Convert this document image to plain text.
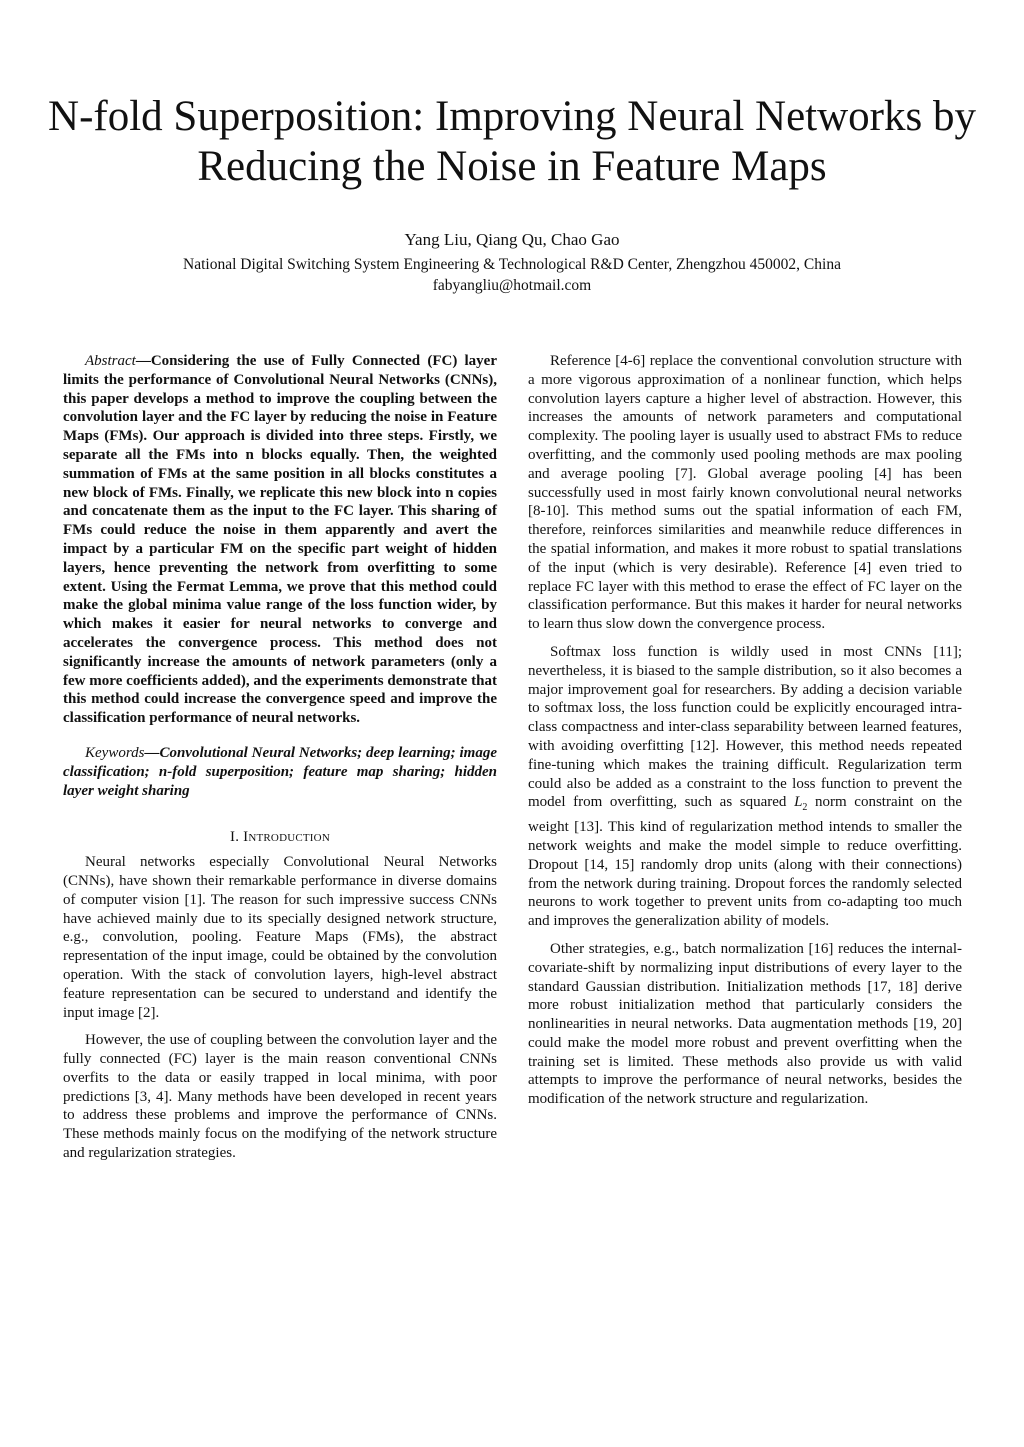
N-fold Superposition: Improving Neural Networks by
Reducing the Noise in Feature Maps
Yang Liu, Qiang Qu, Chao Gao
National Digital Switching System Engineering & Technological R&D Center, Zhengzhou 450002, China
fabyangliu@hotmail.com

Abstract—Considering the use of Fully Connected (FC) layer limits the performance of Convolutional Neural Networks (CNNs), this paper develops a method to improve the coupling between the convolution layer and the FC layer by reducing the noise in Feature Maps (FMs). Our approach is divided into three steps. Firstly, we separate all the FMs into n blocks equally. Then, the weighted summation of FMs at the same position in all blocks constitutes a new block of FMs. Finally, we replicate this new block into n copies and concatenate them as the input to the FC layer. This sharing of FMs could reduce the noise in them apparently and avert the impact by a particular FM on the specific part weight of hidden layers, hence preventing the network from overfitting to some extent. Using the Fermat Lemma, we prove that this method could make the global minima value range of the loss function wider, by which makes it easier for neural networks to converge and accelerates the convergence process. This method does not significantly increase the amounts of network parameters (only a few more coefficients added), and the experiments demonstrate that this method could increase the convergence speed and improve the classification performance of neural networks.

Keywords—Convolutional Neural Networks; deep learning; image classification; n-fold superposition; feature map sharing; hidden layer weight sharing

I. Introduction

Neural networks especially Convolutional Neural Networks (CNNs), have shown their remarkable performance in diverse domains of computer vision [1]. The reason for such impressive success CNNs have achieved mainly due to its specially designed network structure, e.g., convolution, pooling. Feature Maps (FMs), the abstract representation of the input image, could be obtained by the convolution operation. With the stack of convolution layers, high-level abstract feature representation can be secured to understand and identify the input image [2].

However, the use of coupling between the convolution layer and the fully connected (FC) layer is the main reason conventional CNNs overfits to the data or easily trapped in local minima, with poor predictions [3, 4]. Many methods have been developed in recent years to address these problems and improve the performance of CNNs. These methods mainly focus on the modifying of the network structure and regularization strategies.

Reference [4-6] replace the conventional convolution structure with a more vigorous approximation of a nonlinear function, which helps convolution layers capture a higher level of abstraction. However, this increases the amounts of network parameters and computational complexity. The pooling layer is usually used to abstract FMs to reduce overfitting, and the commonly used pooling methods are max pooling and average pooling [7]. Global average pooling [4] has been successfully used in most fairly known convolutional neural networks [8-10]. This method sums out the spatial information of each FM, therefore, reinforces similarities and meanwhile reduce differences in the spatial information, and makes it more robust to spatial translations of the input (which is very desirable). Reference [4] even tried to replace FC layer with this method to erase the effect of FC layer on the classification performance. But this makes it harder for neural networks to learn thus slow down the convergence process.

Softmax loss function is wildly used in most CNNs [11]; nevertheless, it is biased to the sample distribution, so it also becomes a major improvement goal for researchers. By adding a decision variable to softmax loss, the loss function could be explicitly encouraged intra-class compactness and inter-class separability between learned features, with avoiding overfitting [12]. However, this method needs repeated fine-tuning which makes the training difficult. Regularization term could also be added as a constraint to the loss function to prevent the model from overfitting, such as squared $L_2$ norm constraint on the weight [13]. This kind of regularization method intends to smaller the network weights and make the model simple to reduce overfitting. Dropout [14, 15] randomly drop units (along with their connections) from the network during training. Dropout forces the randomly selected neurons to work together to prevent units from co-adapting too much and improves the generalization ability of models.

Other strategies, e.g., batch normalization [16] reduces the internal-covariate-shift by normalizing input distributions of every layer to the standard Gaussian distribution. Initialization methods [17, 18] derive more robust initialization method that particularly considers the nonlinearities in neural networks. Data augmentation methods [19, 20] could make the model more robust and prevent overfitting when the training set is limited. These methods also provide us with valid attempts to improve the performance of neural networks, besides the modification of the network structure and regularization.
